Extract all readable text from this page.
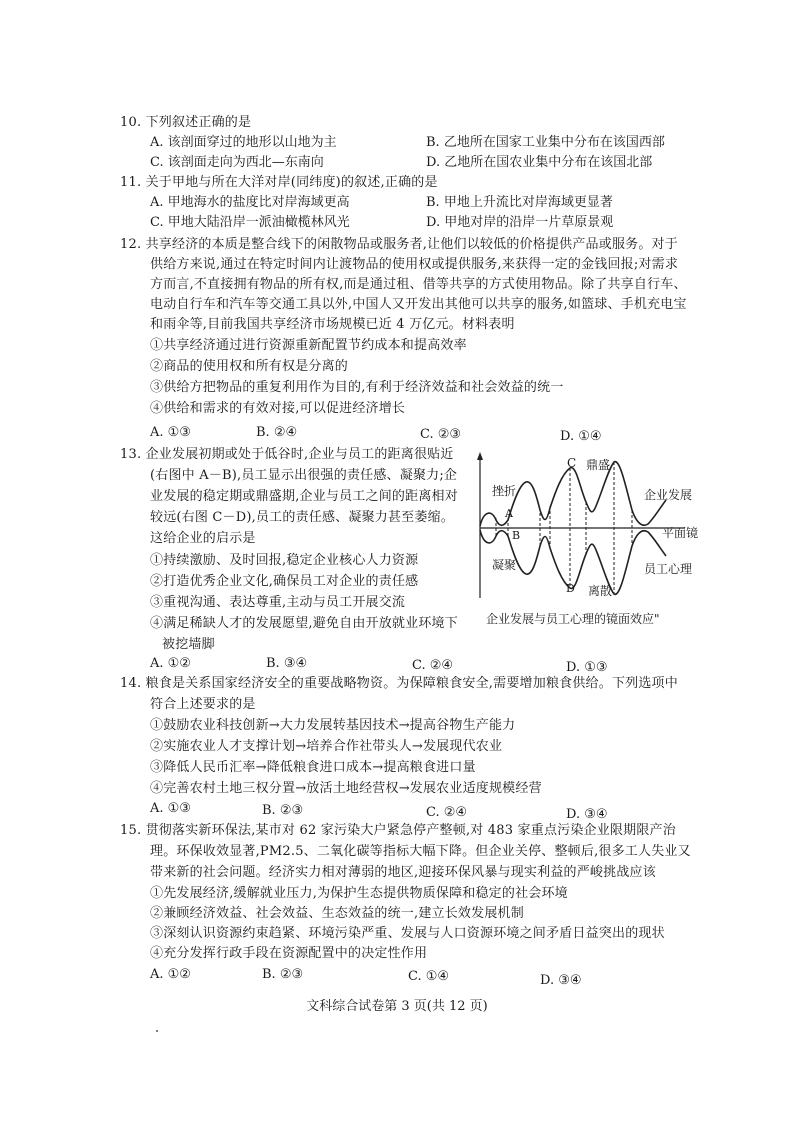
10. 下列叙述正确的是
A. 该剖面穿过的地形以山地为主	B. 乙地所在国家工业集中分布在该国西部
C. 该剖面走向为西北—东南向	D. 乙地所在国农业集中分布在该国北部
11. 关于甲地与所在大洋对岸(同纬度)的叙述,正确的是
A. 甲地海水的盐度比对岸海域更高	B. 甲地上升流比对岸海域更显著
C. 甲地大陆沿岸一派油橄榄林风光	D. 甲地对岸的沿岸一片草原景观
12. 共享经济的本质是整合线下的闲散物品或服务者,让他们以较低的价格提供产品或服务。对于
供给方来说,通过在特定时间内让渡物品的使用权或提供服务,来获得一定的金钱回报;对需求
方而言,不直接拥有物品的所有权,而是通过租、借等共享的方式使用物品。除了共享自行车、
电动自行车和汽车等交通工具以外,中国人又开发出其他可以共享的服务,如篮球、手机充电宝
和雨伞等,目前我国共享经济市场规模已近 4 万亿元。材料表明
①共享经济通过进行资源重新配置节约成本和提高效率
②商品的使用权和所有权是分离的
③供给方把物品的重复利用作为目的,有利于经济效益和社会效益的统一
④供给和需求的有效对接,可以促进经济增长
A. ①③	B. ②④	C. ②③	D. ①④
13. 企业发展初期或处于低谷时,企业与员工的距离很贴近
(右图中 A－B),员工显示出很强的责任感、凝聚力;企
业发展的稳定期或鼎盛期,企业与员工之间的距离相对
较远(右图 C－D),员工的责任感、凝聚力甚至萎缩。
这给企业的启示是
①持续激励、及时回报,稳定企业核心人力资源
②打造优秀企业文化,确保员工对企业的责任感
③重视沟通、表达尊重,主动与员工开展交流
④满足稀缺人才的发展愿望,避免自由开放就业环境下
被挖墙脚
A. ①②	B. ③④	C. ②④	D. ①③
C 鼎盛
挫折
A
B
企业发展
平面镜
员工心理
凝聚
D 离散
企业发展与员工心理的镜面效应"
14. 粮食是关系国家经济安全的重要战略物资。为保障粮食安全,需要增加粮食供给。下列选项中
符合上述要求的是
①鼓励农业科技创新→大力发展转基因技术→提高谷物生产能力
②实施农业人才支撑计划→培养合作社带头人→发展现代农业
③降低人民币汇率→降低粮食进口成本→提高粮食进口量
④完善农村土地三权分置→放活土地经营权→发展农业适度规模经营
A. ①③	B. ②③	C. ②④	D. ③④
15. 贯彻落实新环保法,某市对 62 家污染大户紧急停产整顿,对 483 家重点污染企业限期限产治
理。环保收效显著,PM2.5、二氧化碳等指标大幅下降。但企业关停、整顿后,很多工人失业又
带来新的社会问题。经济实力相对薄弱的地区,迎接环保风暴与现实利益的严峻挑战应该
①先发展经济,缓解就业压力,为保护生态提供物质保障和稳定的社会环境
②兼顾经济效益、社会效益、生态效益的统一,建立长效发展机制
③深刻认识资源约束趋紧、环境污染严重、发展与人口资源环境之间矛盾日益突出的现状
④充分发挥行政手段在资源配置中的决定性作用
A. ①②	B. ②③	C. ①④	D. ③④
文科综合试卷第 3 页(共 12 页)
